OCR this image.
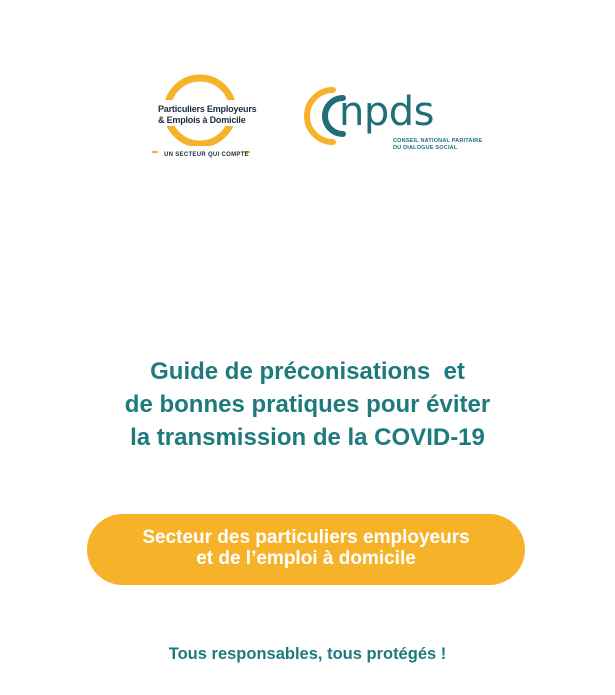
Particuliers Employeurs
& Emplois à Domicile
UN SECTEUR QUI COMPTE
npds
CONSEIL NATIONAL PARITAIRE
DU DIALOGUE SOCIAL
Guide de préconisations  et
de bonnes pratiques pour éviter
la transmission de la COVID-19
Secteur des particuliers employeurs
et de l’emploi à domicile
Tous responsables, tous protégés !
